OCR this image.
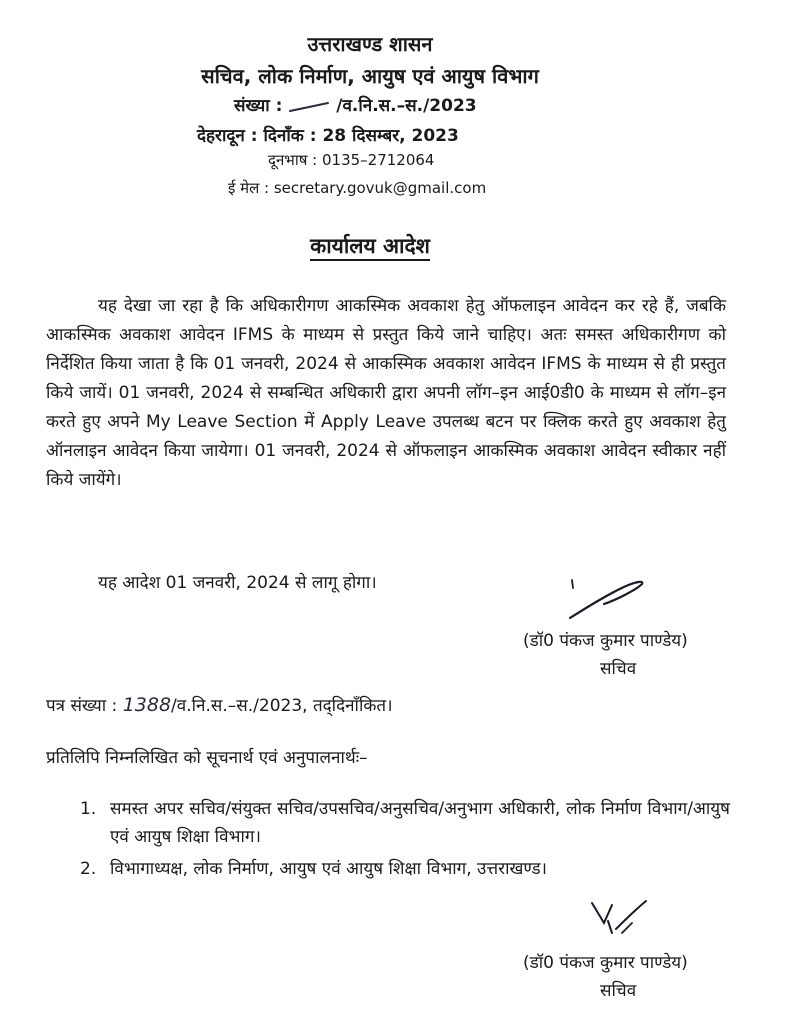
उत्तराखण्ड शासन
सचिव, लोक निर्माण, आयुष एवं आयुष विभाग
संख्या :	/व.नि.स.–स./2023
देहरादून : दिनाँक : 28 दिसम्बर, 2023
दूनभाष : 0135–2712064
ई मेल : secretary.govuk@gmail.com
कार्यालय आदेश
यह देखा जा रहा है कि अधिकारीगण आकस्मिक अवकाश हेतु ऑफलाइन आवेदन कर रहे हैं, जबकि आकस्मिक अवकाश आवेदन IFMS के माध्यम से प्रस्तुत किये जाने चाहिए। अतः समस्त अधिकारीगण को निर्देशित किया जाता है कि 01 जनवरी, 2024 से आकस्मिक अवकाश आवेदन IFMS के माध्यम से ही प्रस्तुत किये जायें। 01 जनवरी, 2024 से सम्बन्धित अधिकारी द्वारा अपनी लॉग–इन आई0डी0 के माध्यम से लॉग–इन करते हुए अपने My Leave Section में Apply Leave उपलब्ध बटन पर क्लिक करते हुए अवकाश हेतु ऑनलाइन आवेदन किया जायेगा। 01 जनवरी, 2024 से ऑफलाइन आकस्मिक अवकाश आवेदन स्वीकार नहीं किये जायेंगे।
यह आदेश 01 जनवरी, 2024 से लागू होगा।
(डॉ0 पंकज कुमार पाण्डेय)
सचिव
पत्र संख्या : 1388/व.नि.स.–स./2023, तद्‌दिनाँकित।
प्रतिलिपि निम्नलिखित को सूचनार्थ एवं अनुपालनार्थः–
1. समस्त अपर सचिव/संयुक्त सचिव/उपसचिव/अनुसचिव/अनुभाग अधिकारी, लोक निर्माण विभाग/आयुष एवं आयुष शिक्षा विभाग।
2. विभागाध्यक्ष, लोक निर्माण, आयुष एवं आयुष शिक्षा विभाग, उत्तराखण्ड।
(डॉ0 पंकज कुमार पाण्डेय)
सचिव
